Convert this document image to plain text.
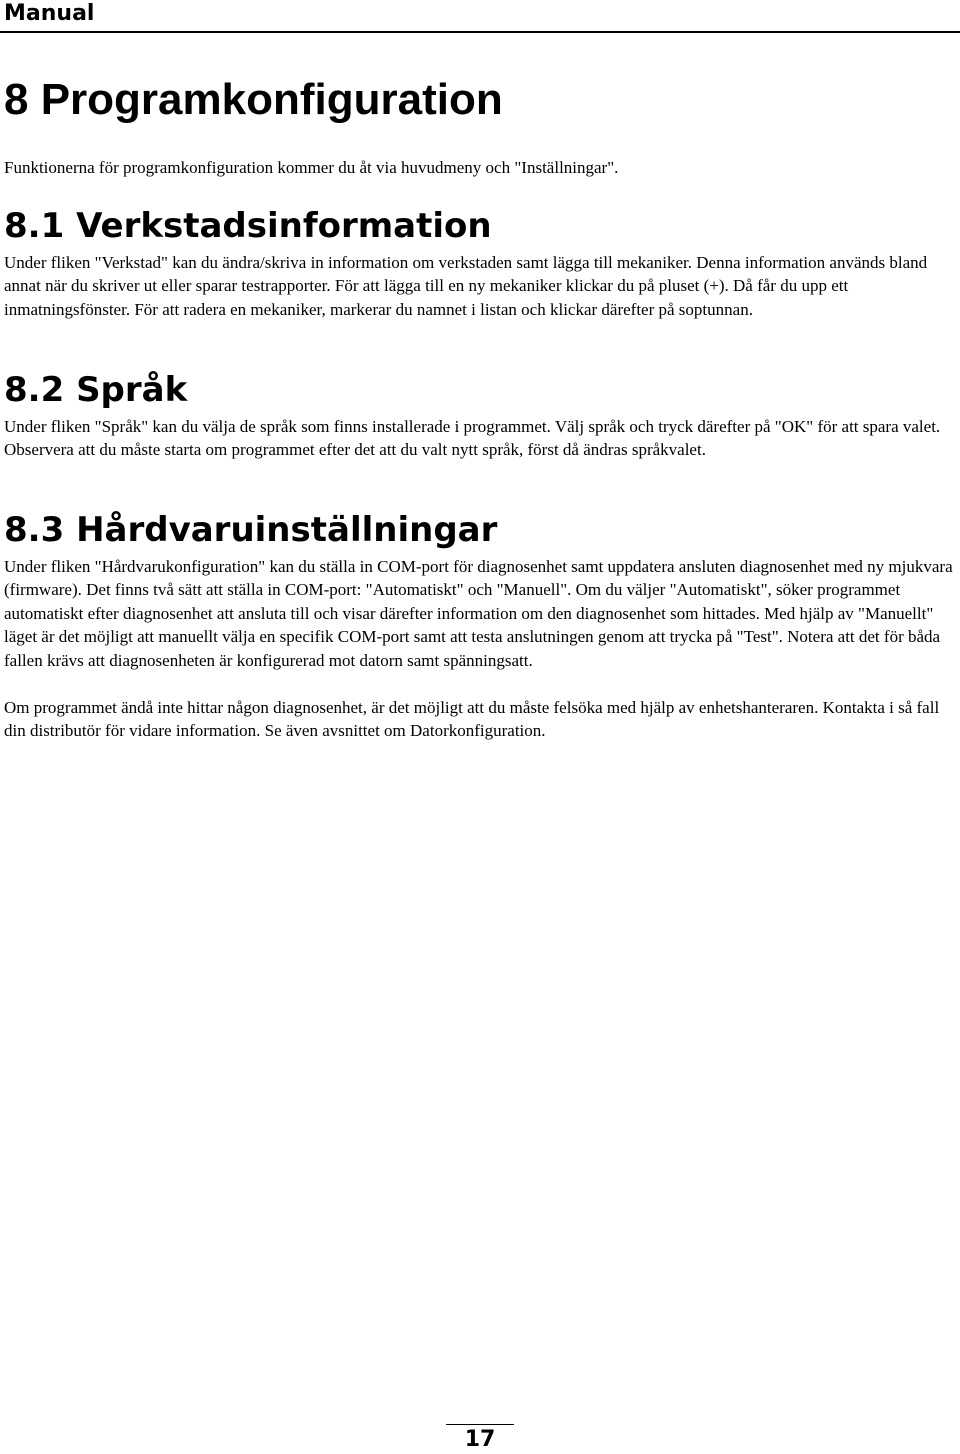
Manual
8 Programkonfiguration

Funktionerna för programkonfiguration kommer du åt via huvudmeny och "Inställningar".

8.1 Verkstadsinformation

Under fliken "Verkstad" kan du ändra/skriva in information om verkstaden samt lägga till mekaniker. Denna information används bland annat när du skriver ut eller sparar testrapporter. För att lägga till en ny mekaniker klickar du på pluset (+). Då får du upp ett inmatningsfönster. För att radera en mekaniker, markerar du namnet i listan och klickar därefter på soptunnan.

8.2 Språk

Under fliken "Språk" kan du välja de språk som finns installerade i programmet. Välj språk och tryck därefter på "OK" för att spara valet. Observera att du måste starta om programmet efter det att du valt nytt språk, först då ändras språkvalet.

8.3 Hårdvaruinställningar

Under fliken "Hårdvarukonfiguration" kan du ställa in COM-port för diagnosenhet samt uppdatera ansluten diagnosenhet med ny mjukvara (firmware). Det finns två sätt att ställa in COM-port: "Automatiskt" och "Manuell". Om du väljer "Automatiskt", söker programmet automatiskt efter diagnosenhet att ansluta till och visar därefter information om den diagnosenhet som hittades. Med hjälp av "Manuellt" läget är det möjligt att manuellt välja en specifik COM-port samt att testa anslutningen genom att trycka på "Test". Notera att det för båda fallen krävs att diagnosenheten är konfigurerad mot datorn samt spänningsatt.

Om programmet ändå inte hittar någon diagnosenhet, är det möjligt att du måste felsöka med hjälp av enhetshanteraren. Kontakta i så fall din distributör för vidare information. Se även avsnittet om Datorkonfiguration.

17
